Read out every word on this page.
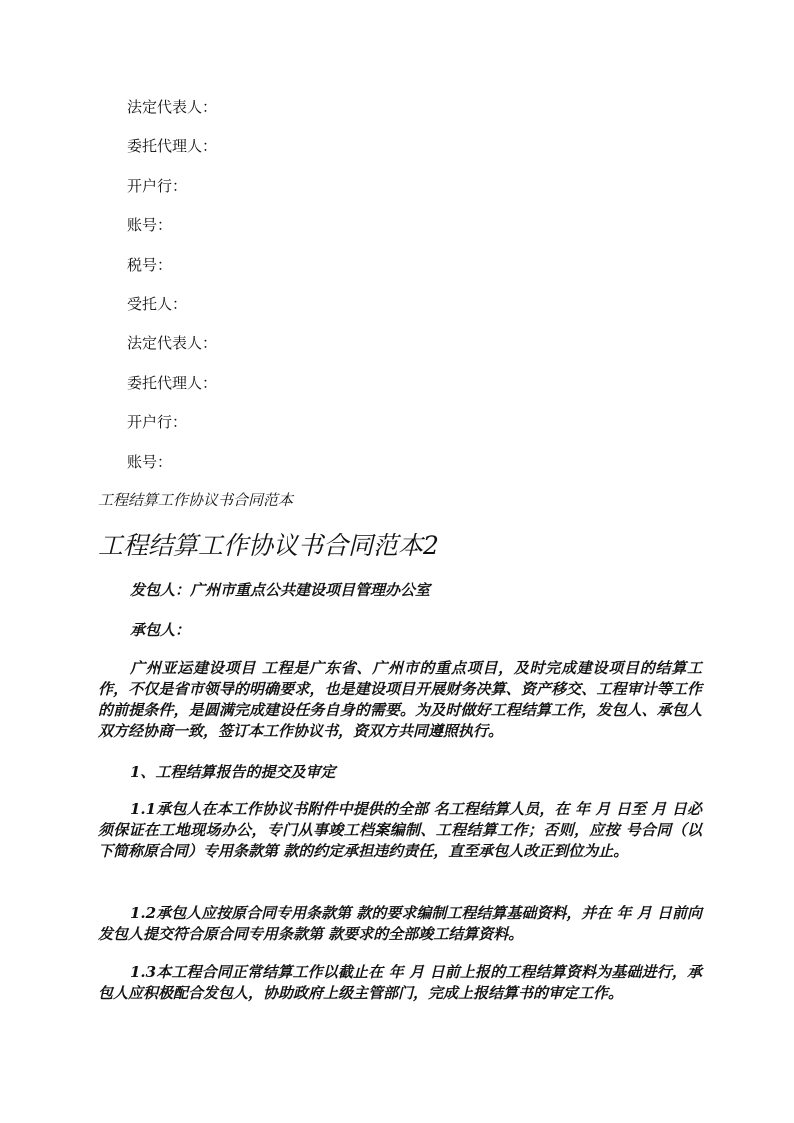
法定代表人：
委托代理人：
开户行：
账号：
税号：
受托人：
法定代表人：
委托代理人：
开户行：
账号：
工程结算工作协议书合同范本
工程结算工作协议书合同范本2
发包人：广州市重点公共建设项目管理办公室
承包人：
广州亚运建设项目 工程是广东省、广州市的重点项目，及时完成建设项目的结算工作，不仅是省市领导的明确要求，也是建设项目开展财务决算、资产移交、工程审计等工作的前提条件，是圆满完成建设任务自身的需要。为及时做好工程结算工作，发包人、承包人双方经协商一致，签订本工作协议书，资双方共同遵照执行。
1、工程结算报告的提交及审定
1.1承包人在本工作协议书附件中提供的全部 名工程结算人员，在 年 月 日至 月 日必须保证在工地现场办公，专门从事竣工档案编制、工程结算工作；否则，应按 号合同（以下简称原合同）专用条款第 款的约定承担违约责任，直至承包人改正到位为止。
1.2承包人应按原合同专用条款第 款的要求编制工程结算基础资料，并在 年 月 日前向发包人提交符合原合同专用条款第 款要求的全部竣工结算资料。
1.3本工程合同正常结算工作以截止在 年 月 日前上报的工程结算资料为基础进行，承包人应积极配合发包人，协助政府上级主管部门，完成上报结算书的审定工作。
